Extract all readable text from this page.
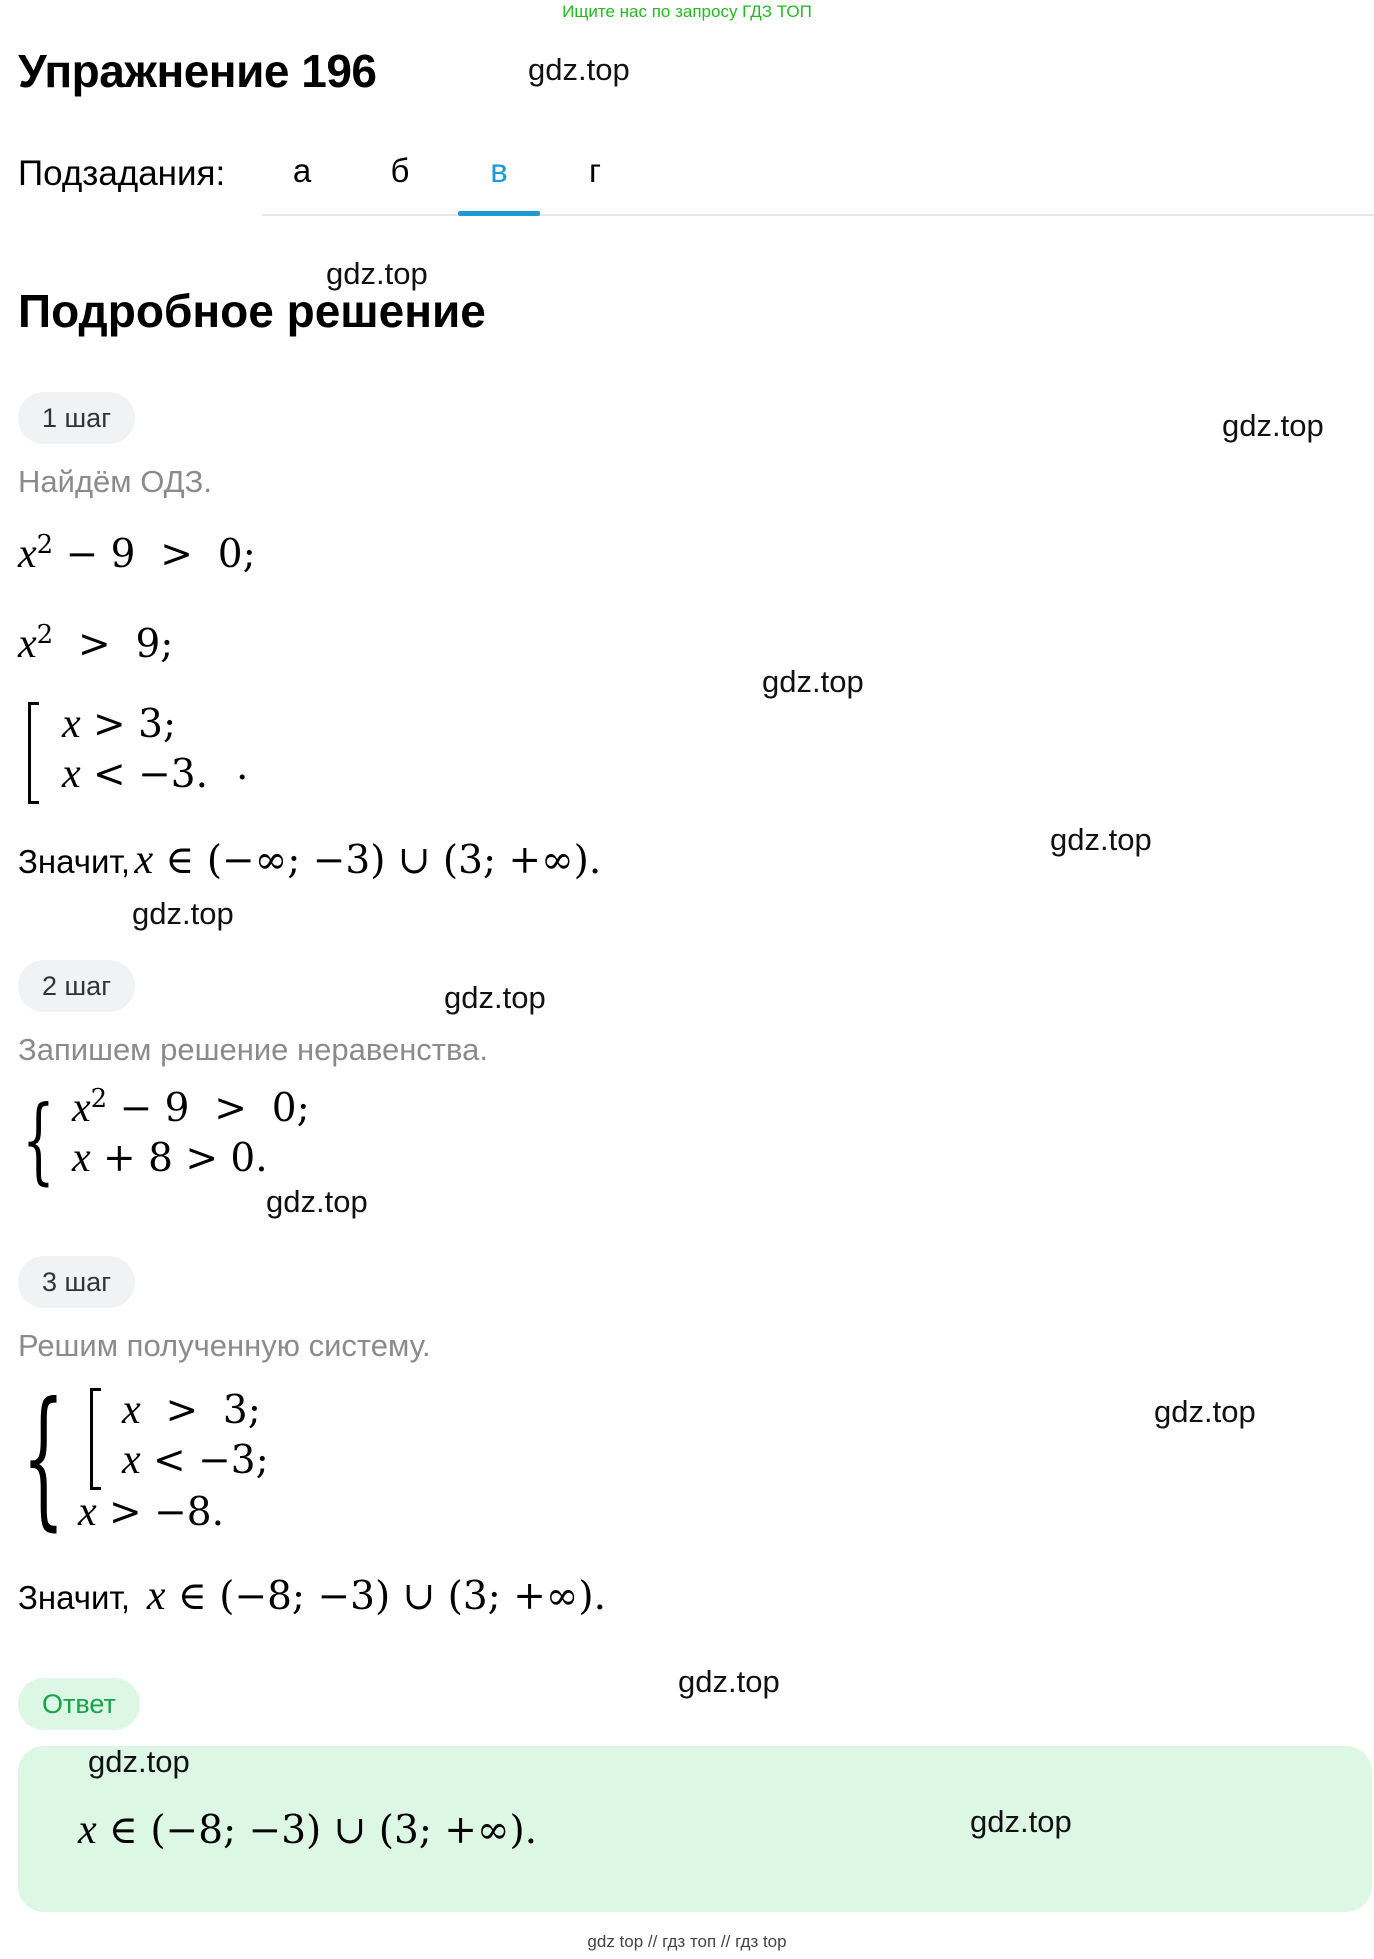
Ищите нас по запросу ГДЗ ТОП
Упражнение 196	gdz.top
Подзадания:	а	б	в	г
gdz.top
Подробное решение
1 шаг	gdz.top
Найдём ОДЗ.
$x^2 - 9 > 0$;
$x^2 > 9$;
gdz.top
x > 3;
x < −3. .
gdz.top
Значит, x ∈ (−∞; −3) ∪ (3; +∞).
gdz.top
2 шаг	gdz.top
Запишем решение неравенства.
{ $x^2 - 9 > 0$;
x + 8 > 0.
gdz.top
3 шаг
Решим полученную систему.
{ x  >  3;
x < −3;
x > −8.
gdz.top
Значит, x ∈ (−8; −3) ∪ (3; +∞).
gdz.top
Ответ
gdz.top
x ∈ (−8; −3) ∪ (3; +∞).	gdz.top
gdz top // гдз топ // гдз top
